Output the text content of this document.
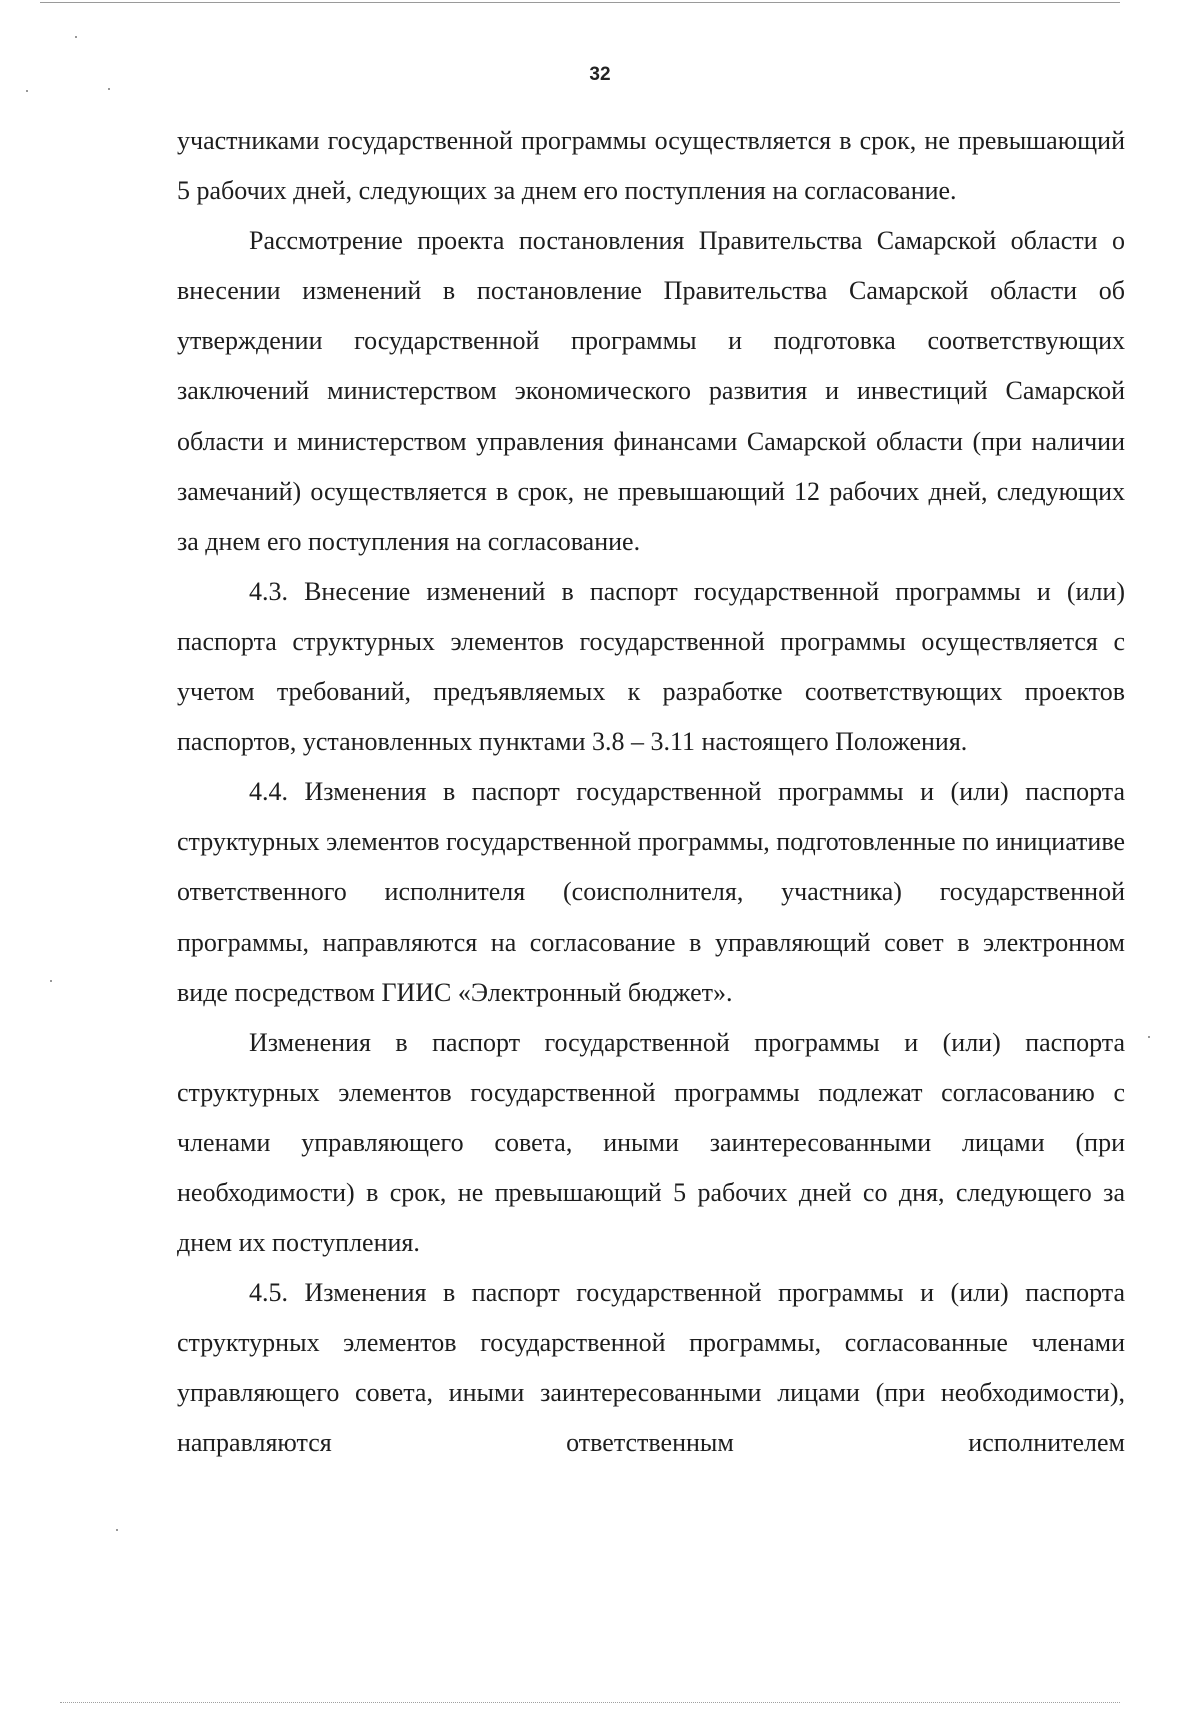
32

участниками государственной программы осуществляется в срок, не превышающий 5 рабочих дней, следующих за днем его поступления на согласование.

Рассмотрение проекта постановления Правительства Самарской области о внесении изменений в постановление Правительства Самарской области об утверждении государственной программы и подготовка соответствующих заключений министерством экономического развития и инвестиций Самарской области и министерством управления финансами Самарской области (при наличии замечаний) осуществляется в срок, не превышающий 12 рабочих дней, следующих за днем его поступления на согласование.

4.3. Внесение изменений в паспорт государственной программы и (или) паспорта структурных элементов государственной программы осуществляется с учетом требований, предъявляемых к разработке соответствующих проектов паспортов, установленных пунктами 3.8 – 3.11 настоящего Положения.

4.4. Изменения в паспорт государственной программы и (или) паспорта структурных элементов государственной программы, подготовленные по инициативе ответственного исполнителя (соисполнителя, участника) государственной программы, направляются на согласование в управляющий совет в электронном виде посредством ГИИС «Электронный бюджет».

Изменения в паспорт государственной программы и (или) паспорта структурных элементов государственной программы подлежат согласованию с членами управляющего совета, иными заинтересованными лицами (при необходимости) в срок, не превышающий 5 рабочих дней со дня, следующего за днем их поступления.

4.5. Изменения в паспорт государственной программы и (или) паспорта структурных элементов государственной программы, согласованные членами управляющего совета, иными заинтересованными лицами (при необходимости), направляются ответственным исполнителем
